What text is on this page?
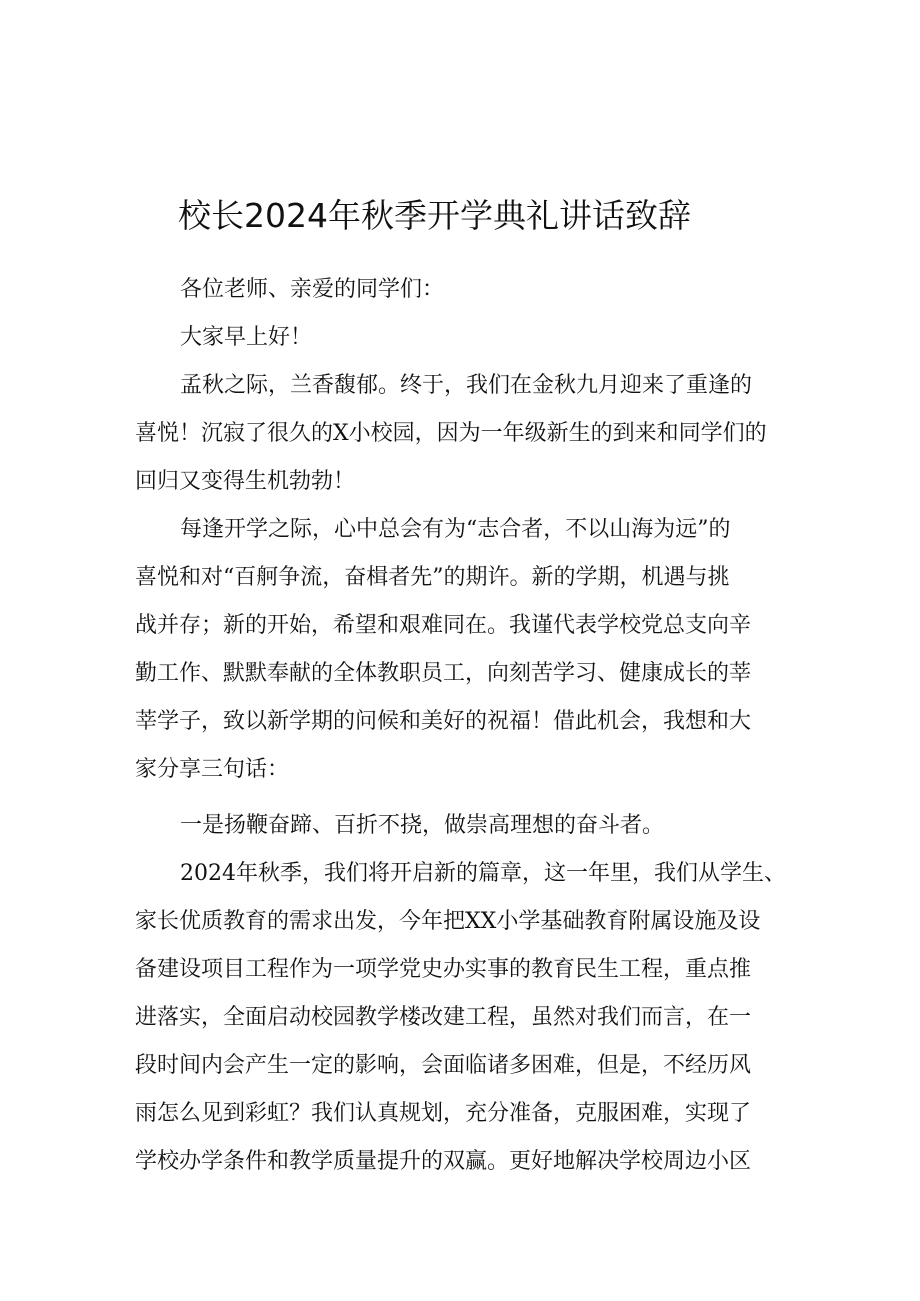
校长2024年秋季开学典礼讲话致辞
各位老师、亲爱的同学们：
大家早上好！
孟秋之际，兰香馥郁。终于，我们在金秋九月迎来了重逢的
喜悦！沉寂了很久的X小校园，因为一年级新生的到来和同学们的
回归又变得生机勃勃！
每逢开学之际，心中总会有为“志合者，不以山海为远”的
喜悦和对“百舸争流，奋楫者先”的期许。新的学期，机遇与挑
战并存；新的开始，希望和艰难同在。我谨代表学校党总支向辛
勤工作、默默奉献的全体教职员工，向刻苦学习、健康成长的莘
莘学子，致以新学期的问候和美好的祝福！借此机会，我想和大
家分享三句话：
一是扬鞭奋蹄、百折不挠，做崇高理想的奋斗者。
2024年秋季，我们将开启新的篇章，这一年里，我们从学生、
家长优质教育的需求出发，今年把XX小学基础教育附属设施及设
备建设项目工程作为一项学党史办实事的教育民生工程，重点推
进落实，全面启动校园教学楼改建工程，虽然对我们而言，在一
段时间内会产生一定的影响，会面临诸多困难，但是，不经历风
雨怎么见到彩虹？我们认真规划，充分准备，克服困难，实现了
学校办学条件和教学质量提升的双赢。更好地解决学校周边小区
